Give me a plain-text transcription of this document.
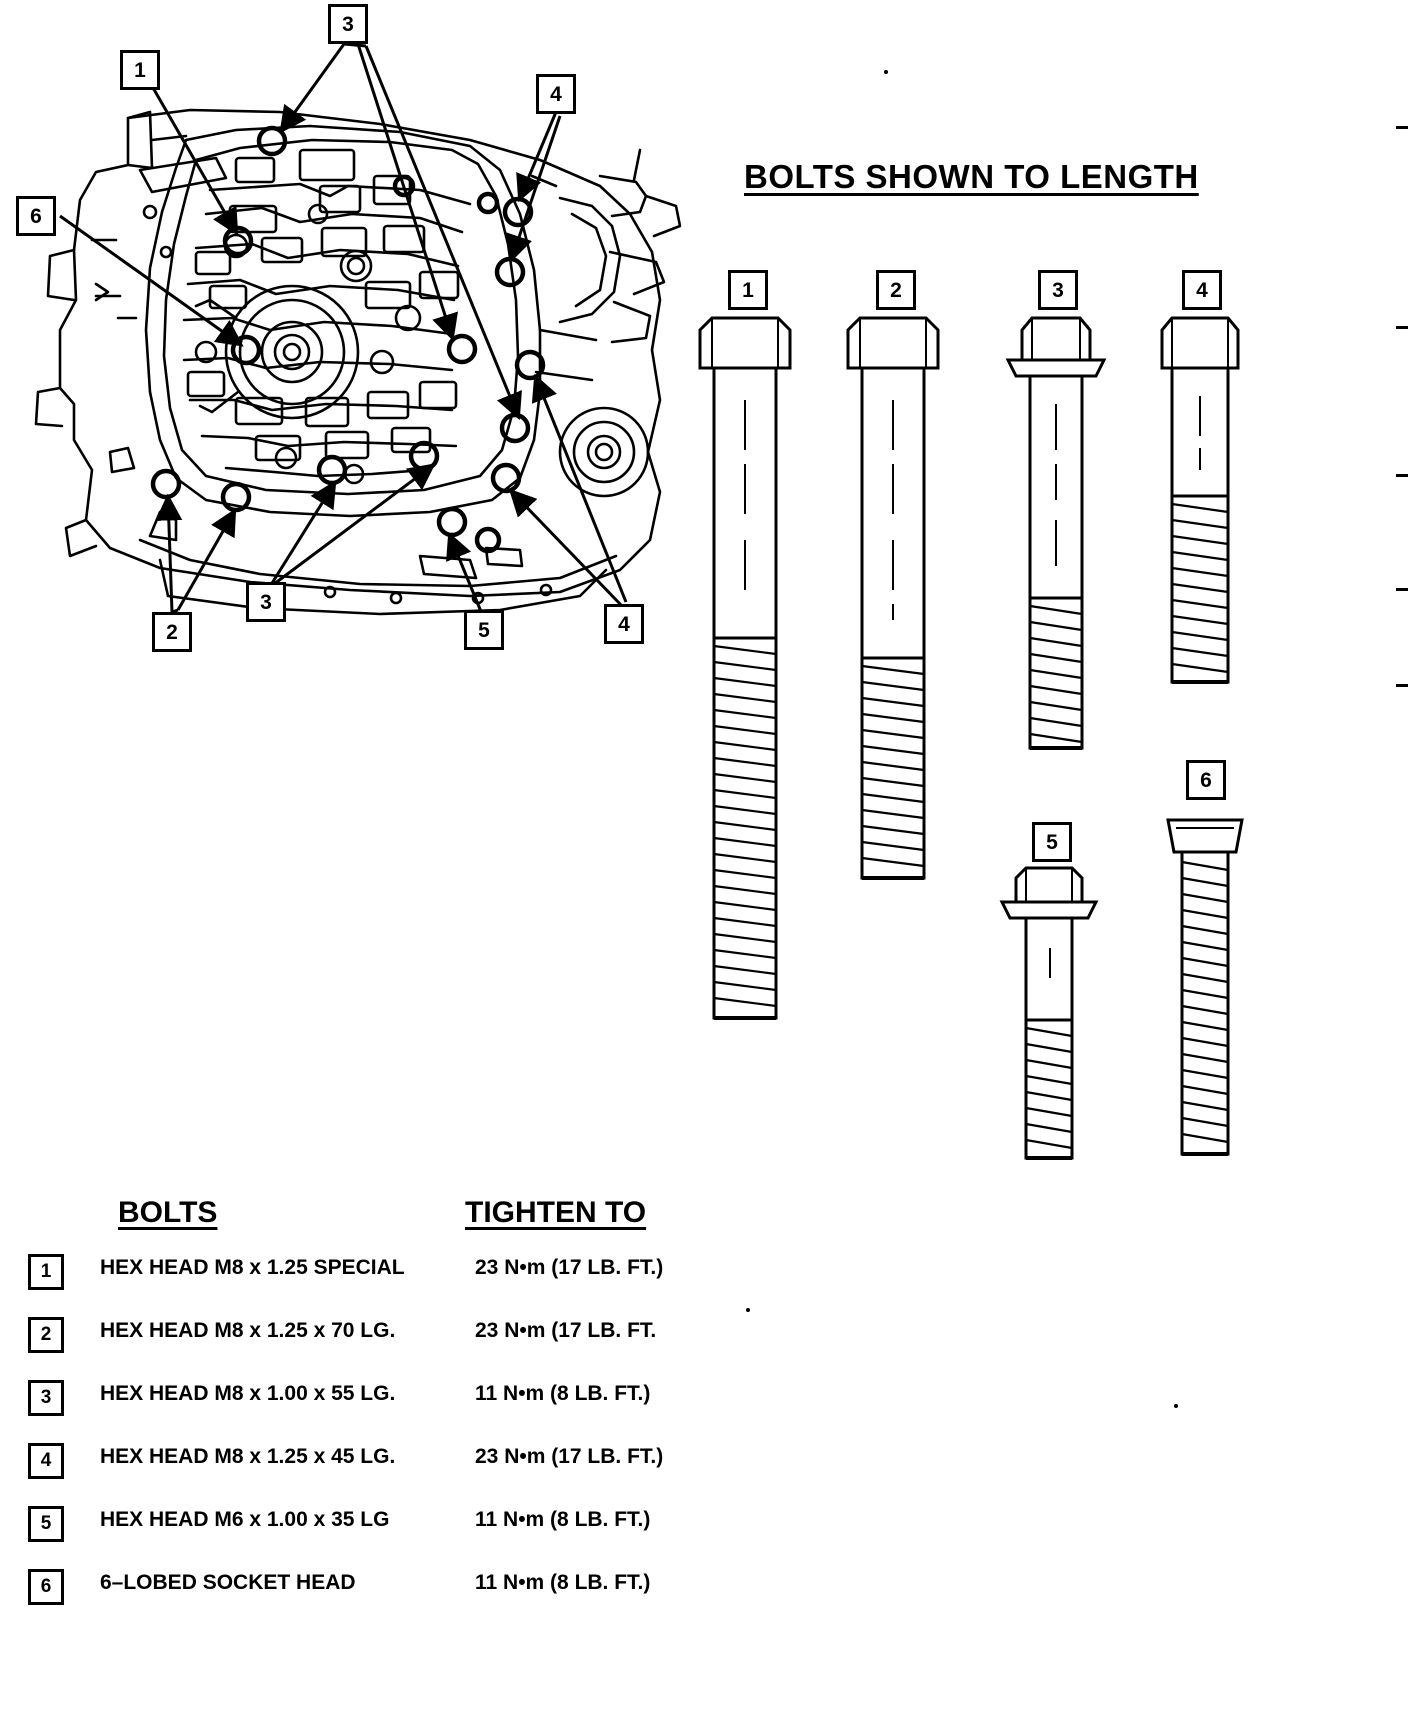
3
1
4
6
3
2	5	4
BOLTS SHOWN TO LENGTH
1	2	3	4
5
6
BOLTS	TIGHTEN TO
1	HEX HEAD M8 x 1.25 SPECIAL	23 N•m (17 LB. FT.)
2	HEX HEAD M8 x 1.25 x 70 LG.	23 N•m (17 LB. FT.
3	HEX HEAD M8 x 1.00 x 55 LG.	11 N•m (8 LB. FT.)
4	HEX HEAD M8 x 1.25 x 45 LG.	23 N•m (17 LB. FT.)
5	HEX HEAD M6 x 1.00 x 35 LG	11 N•m (8 LB. FT.)
6	6–LOBED SOCKET HEAD	11 N•m (8 LB. FT.)
